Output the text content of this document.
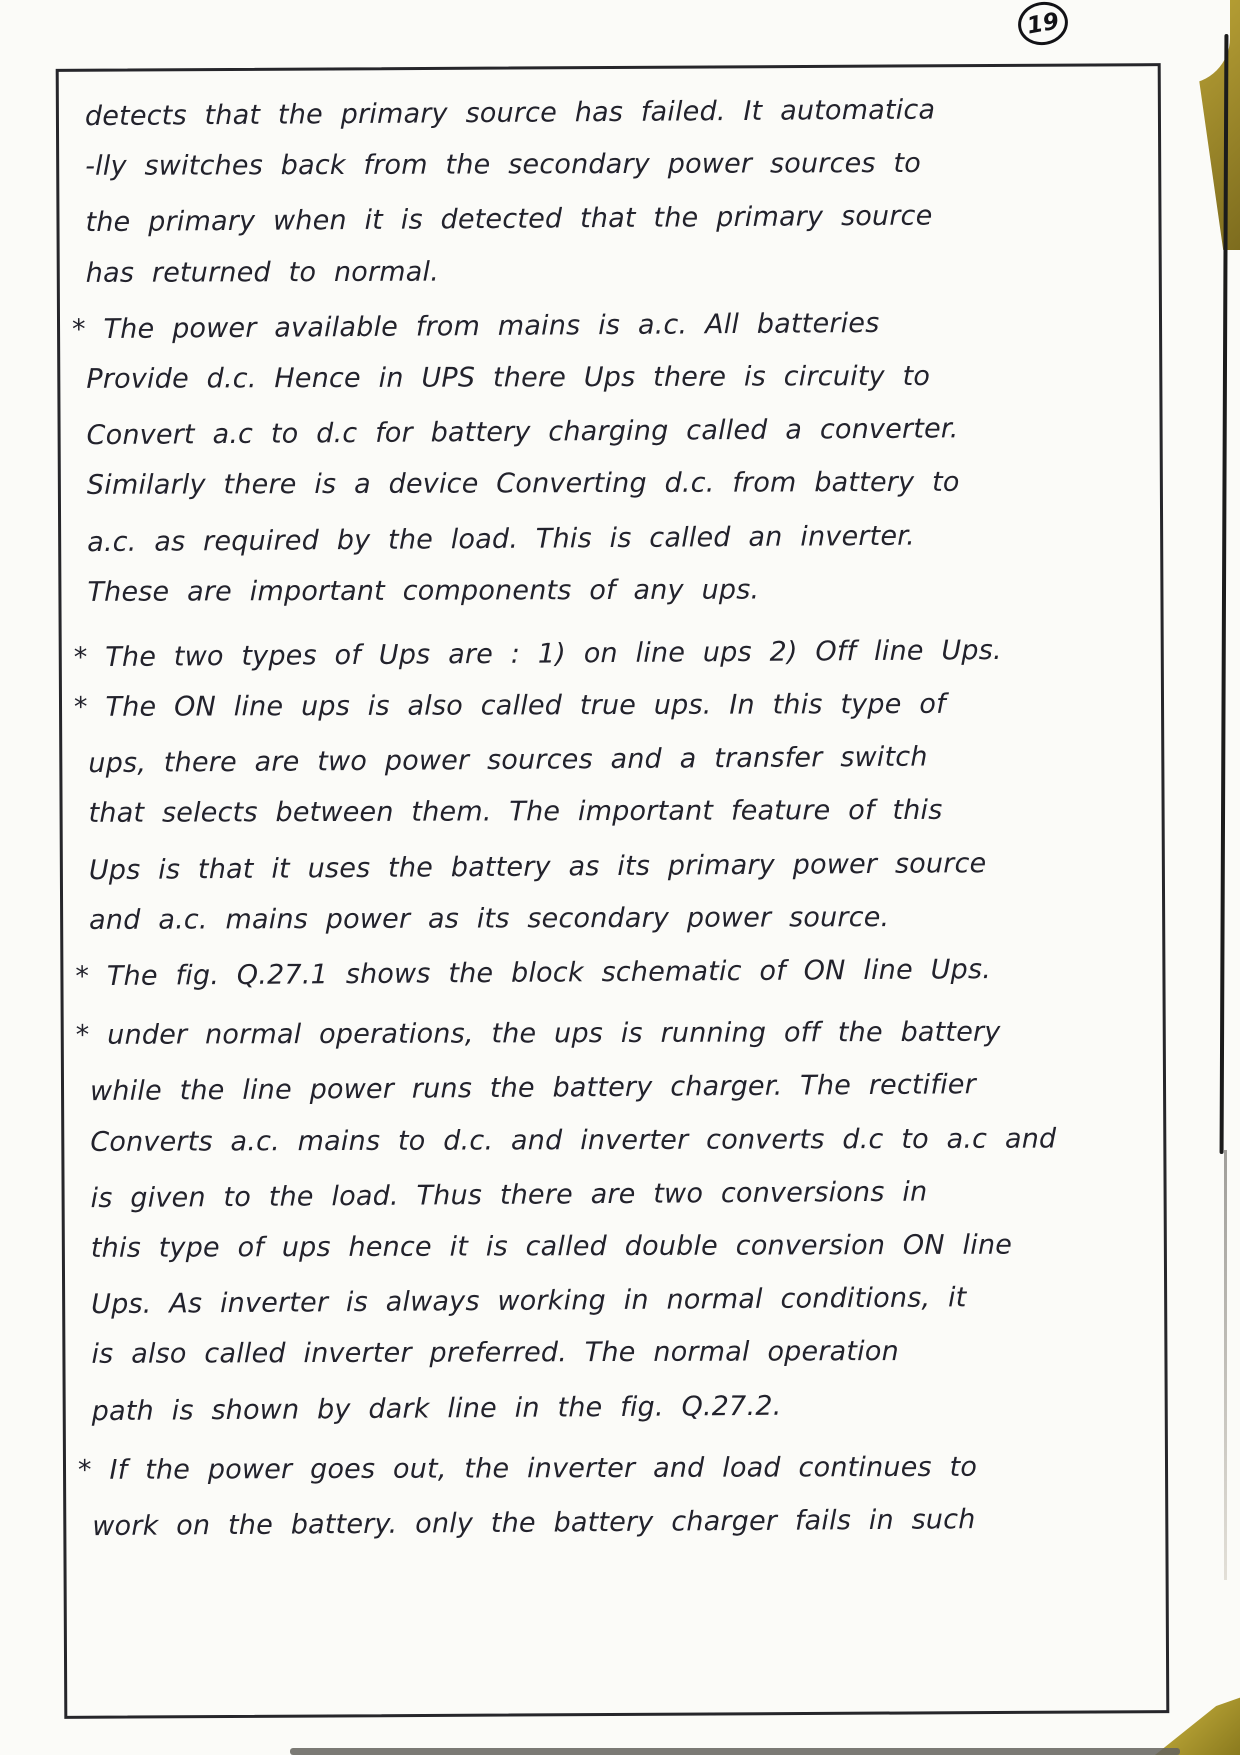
19
detects that the primary source has failed. It automatica
-lly switches back from the secondary power sources to
the primary when it is detected that the primary source
has returned to normal.
* The power available from mains is a.c. All batteries
Provide d.c. Hence in UPS there Ups there is circuity to
Convert a.c to d.c for battery charging called a converter.
Similarly there is a device Converting d.c. from battery to
a.c. as required by the load. This is called an inverter.
These are important components of any ups.
* The two types of Ups are : 1) on line ups 2) Off line Ups.
* The ON line ups is also called true ups. In this type of
ups, there are two power sources and a transfer switch
that selects between them. The important feature of this
Ups is that it uses the battery as its primary power source
and a.c. mains power as its secondary power source.
* The fig. Q.27.1 shows the block schematic of ON line Ups.
* under normal operations, the ups is running off the battery
while the line power runs the battery charger. The rectifier
Converts a.c. mains to d.c. and inverter converts d.c to a.c and
is given to the load. Thus there are two conversions in
this type of ups hence it is called double conversion ON line
Ups. As inverter is always working in normal conditions, it
is also called inverter preferred. The normal operation
path is shown by dark line in the fig. Q.27.2.
* If the power goes out, the inverter and load continues to
work on the battery. only the battery charger fails in such
